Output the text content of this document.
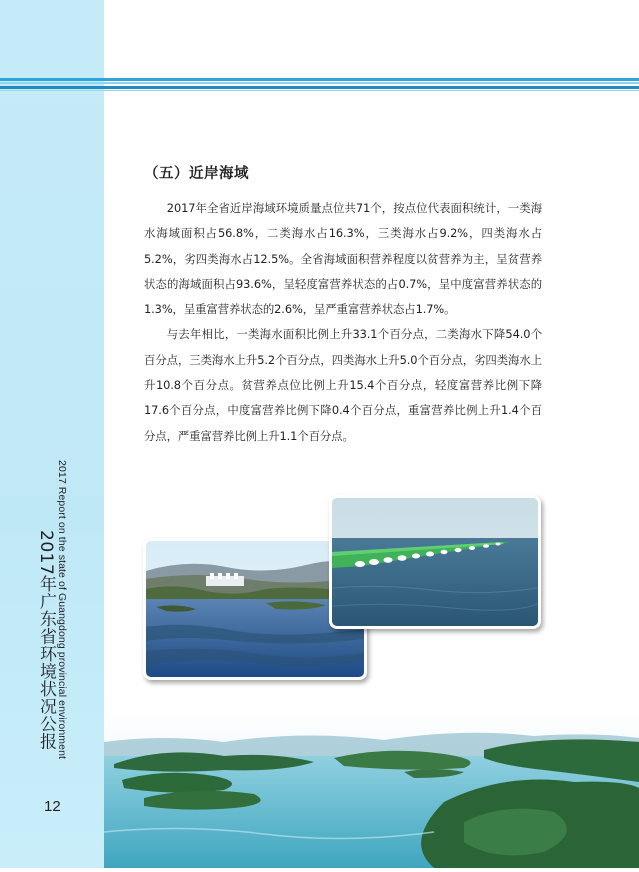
2017 Report on the state of Guangdong provincial environment
2017年广东省环境状况公报
12
（五）近岸海域

2017年全省近岸海域环境质量点位共71个，按点位代表面积统计，一类海水海域面积占56.8%，二类海水占16.3%，三类海水占9.2%，四类海水占5.2%，劣四类海水占12.5%。全省海域面积营养程度以贫营养为主，呈贫营养状态的海域面积占93.6%，呈轻度富营养状态的占0.7%，呈中度富营养状态的1.3%，呈重富营养状态的2.6%，呈严重富营养状态占1.7%。

与去年相比，一类海水面积比例上升33.1个百分点，二类海水下降54.0个百分点，三类海水上升5.2个百分点，四类海水上升5.0个百分点，劣四类海水上升10.8个百分点。贫营养点位比例上升15.4个百分点，轻度富营养比例下降17.6个百分点，中度富营养比例下降0.4个百分点，重富营养比例上升1.4个百分点，严重富营养比例上升1.1个百分点。
